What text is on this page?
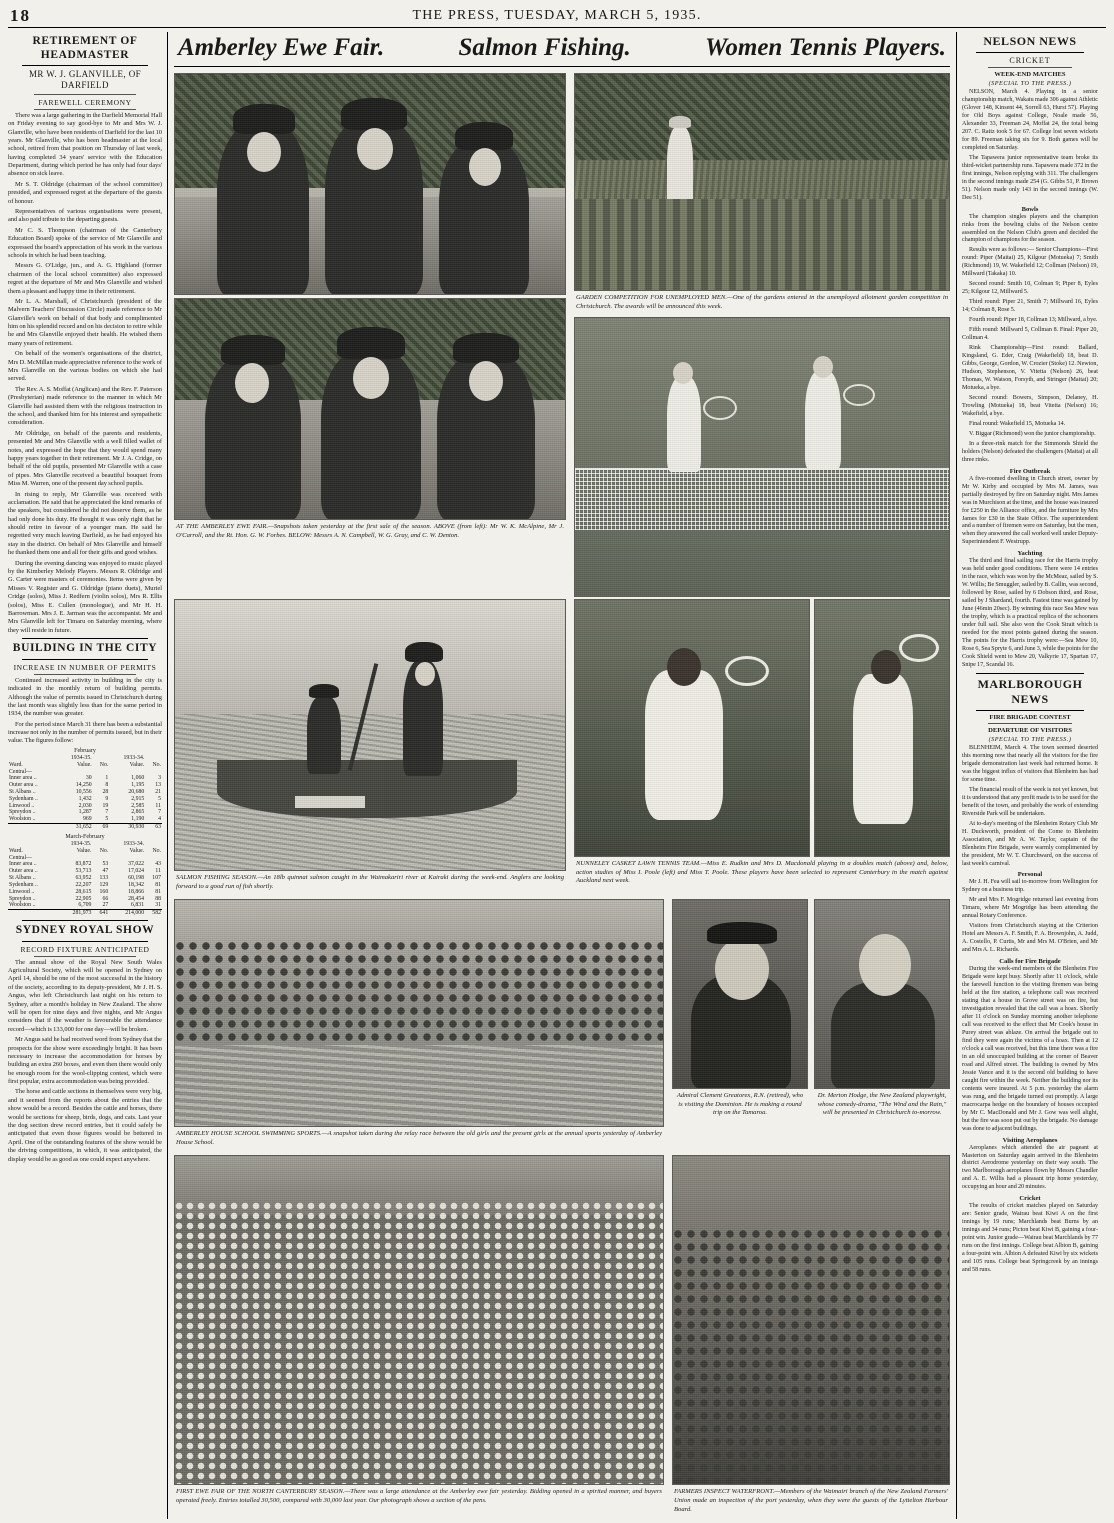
18	THE PRESS, TUESDAY, MARCH 5, 1935.
RETIREMENT OF HEADMASTER
MR W. J. GLANVILLE, OF DARFIELD
FAREWELL CEREMONY
There was a large gathering in the Darfield Memorial Hall on Friday evening to say good-bye to Mr and Mrs W. J. Glanville, who have been residents of Darfield for the last 10 years. Mr Glanville, who has been headmaster at the local school, retired from that position on Thursday of last week, having completed 34 years' service with the Education Department, during which period he has only had four days' absence on sick leave.
Mr S. T. Oldridge (chairman of the school committee) presided, and expressed regret at the departure of the guests of honour.
Representatives of various organisations were present, and also paid tribute to the departing guests.
Mr C. S. Thompson (chairman of the Canterbury Education Board) spoke of the service of Mr Glanville and expressed the board's appreciation of his work in the various schools in which he had been teaching.
Messrs G. O'Lidge, jun., and A. G. Highland (former chairmen of the local school committee) also expressed regret at the departure of Mr and Mrs Glanville and wished them a pleasant and happy time in their retirement.
Mr L. A. Marshall, of Christchurch (president of the Malvern Teachers' Discussion Circle) made reference to Mr Glanville's work on behalf of that body and complimented him on his splendid record and on his decision to retire while he and Mrs Glanville enjoyed their health. He wished them many years of retirement.
On behalf of the women's organisations of the district, Mrs D. McMillan made appreciative reference to the work of Mrs Glanville on the various bodies on which she had served.
The Rev. A. S. Moffat (Anglican) and the Rev. F. Paterson (Presbyterian) made reference to the manner in which Mr Glanville had assisted them with the religious instruction in the school, and thanked him for his interest and sympathetic consideration.
Mr Oldridge, on behalf of the parents and residents, presented Mr and Mrs Glanville with a well filled wallet of notes, and expressed the hope that they would spend many happy years together in their retirement. Mr J. A. Cridge, on behalf of the old pupils, presented Mr Glanville with a case of pipes. Mrs Glanville received a beautiful bouquet from Miss M. Warren, one of the present day school pupils.
In rising to reply, Mr Glanville was received with acclamation. He said that he appreciated the kind remarks of the speakers, but considered he did not deserve them, as he had only done his duty. He thought it was only right that he should retire in favour of a younger man. He said he regretted very much leaving Darfield, as he had enjoyed his stay in the district. On behalf of Mrs Glanville and himself he thanked them one and all for their gifts and good wishes.
During the evening dancing was enjoyed to music played by the Kimberley Melody Players. Messrs R. Oldridge and G. Carter were masters of ceremonies. Items were given by Misses V. Register and G. Oldridge (piano duets), Muriel Cridge (solos), Miss J. Redfern (violin solos), Mrs R. Ellis (solos), Miss E. Cullen (monologue), and Mr H. H. Barrowman. Mrs J. E. Jarman was the accompanist. Mr and Mrs Glanville left for Timaru on Saturday morning, where they will reside in future.
BUILDING IN THE CITY
INCREASE IN NUMBER OF PERMITS
Continued increased activity in building in the city is indicated in the monthly return of building permits. Although the value of permits issued in Christchurch during the last month was slightly less than for the same period in 1934, the number was greater.
For the period since March 31 there has been a substantial increase not only in the number of permits issued, but in their value. The figures follow:
February
	1934-35.		1933-34.	
Ward.	Value.	No.	Value.	No.
Central—				
Inner area ..	30	1	1,060	3
Outer area ..	14,250	8	1,195	13
St Albans ..	10,556	28	20,680	21
Sydenham ..	1,432	9	2,915	5
Linwood ..	2,030	19	2,585	11
Spreydon ..	1,287	7	2,865	7
Woolston ..	969	5	1,190	4
	31,652	69	30,930	63
March-February
	1934-35.		1933-34.	
Ward.	Value.	No.	Value.	No.
Central—				
Inner area ..	83,872	53	37,022	43
Outer area ..	53,713	47	17,024	11
St Albans ..	63,952	133	60,198	107
Sydenham ..	22,207	129	18,342	81
Linwood ..	28,615	160	18,866	81
Spreydon ..	22,905	66	28,454	88
Woolston ..	6,709	27	6,831	31
	281,973	641	214,000	582
SYDNEY ROYAL SHOW
RECORD FIXTURE ANTICIPATED
The annual show of the Royal New South Wales Agricultural Society, which will be opened in Sydney on April 14, should be one of the most successful in the history of the society, according to its deputy-president, Mr J. H. S. Angus, who left Christchurch last night on his return to Sydney, after a month's holiday in New Zealand. The show will be open for nine days and five nights, and Mr Angus considers that if the weather is favourable the attendance record—which is 133,000 for one day—will be broken.
Mr Angus said he had received word from Sydney that the prospects for the show were exceedingly bright. It has been necessary to increase the accommodation for horses by building an extra 260 boxes, and even then there would only be enough room for the wool-clipping contest, which were first popular, extra accommodation was being provided.
The horse and cattle sections in themselves were very big, and it seemed from the reports about the entries that the show would be a record. Besides the cattle and horses, there would be sections for sheep, birds, dogs, and cats. Last year the dog section drew record entries, but it could safely be anticipated that even those figures would be bettered in April. One of the outstanding features of the show would be the driving competitions, in which, it was anticipated, the display would be as good as one could expect anywhere.
Amberley Ewe Fair.	Salmon Fishing.	Women Tennis Players.
AT THE AMBERLEY EWE FAIR.—Snapshots taken yesterday at the first sale of the season. ABOVE (from left): Mr W. K. McAlpine, Mr J. O'Carroll, and the Rt. Hon. G. W. Forbes. BELOW: Messrs A. N. Campbell, W. G. Gray, and C. W. Denton.
GARDEN COMPETITION FOR UNEMPLOYED MEN.—One of the gardens entered in the unemployed allotment garden competition in Christchurch. The awards will be announced this week.
SALMON FISHING SEASON.—An 18lb quinnat salmon caught in the Waimakariri river at Kairaki during the week-end. Anglers are looking forward to a good run of fish shortly.
NUNNELEY CASKET LAWN TENNIS TEAM.—Miss E. Rudkin and Mrs D. Macdonald playing in a doubles match (above) and, below, action studies of Miss I. Poole (left) and Miss T. Poole. These players have been selected to represent Canterbury in the match against Auckland next week.
AMBERLEY HOUSE SCHOOL SWIMMING SPORTS.—A snapshot taken during the relay race between the old girls and the present girls at the annual sports yesterday of Amberley House School.
Admiral Clement Greatorex, R.N. (retired), who is visiting the Dominion. He is making a round trip on the Tamaroa.
Dr. Merton Hodge, the New Zealand playwright, whose comedy-drama, "The Wind and the Rain," will be presented in Christchurch to-morrow.
FIRST EWE FAIR OF THE NORTH CANTERBURY SEASON.—There was a large attendance at the Amberley ewe fair yesterday. Bidding opened in a spirited manner, and buyers operated freely. Entries totalled 30,500, compared with 30,000 last year. Our photograph shows a section of the pens.
FARMERS INSPECT WATERFRONT.—Members of the Waimairi branch of the New Zealand Farmers' Union made an inspection of the port yesterday, when they were the guests of the Lyttelton Harbour Board.
NELSON NEWS
CRICKET
WEEK-END MATCHES
(SPECIAL TO THE PRESS.)
NELSON, March 4. Playing in a senior championship match, Wakatu made 306 against Athletic (Glover 148, Kinsent 44, Sorrell 63, Hurst 57). Playing for Old Boys against College, Noale made 56, Alexander 33, Freeman 24, Moffat 24, the total being 207. C. Raitz took 5 for 67. College lost seven wickets for 89. Freeman taking six for 9. Both games will be completed on Saturday.
The Tapawera junior representative team broke its third-wicket partnership runs. Tapawera made 372 in the first innings, Nelson replying with 311. The challengers in the second innings made 254 (G. Gibbs 51, P. Brown 51). Nelson made only 143 in the second innings (W. Dee 51).
Bowls
The champion singles players and the champion rinks from the bowling clubs of the Nelson centre assembled on the Nelson Club's green and decided the champion of champions for the season.
Results were as follows:— Senior Champions—First round: Piper (Maitai) 25, Kilgour (Motueka) 7; Smith (Richmond) 19, W. Wakefield 12; Collman (Nelson) 19, Millward (Takaka) 10.
Second round: Smith 10, Colman 9; Piper 8, Eyles 25; Kilgour 12, Millward 5.
Third round: Piper 21, Smith 7; Millward 16, Eyles 14; Colman 8, Rose 5.
Fourth round: Piper 18, Collman 13; Millward, a bye.
Fifth round: Millward 5, Collman 8. Final: Piper 20, Collman 4.
Rink Championship—First round: Ballard, Kingsland, G. Eder, Craig (Wakefield) 18, beat D. Gibbs, George, Gordon, W. Crozier (Stoke) 12. Newton, Hudson, Stephenson, V. Vitetta (Nelson) 26, beat Thomas, W. Watson, Forsyth, and Stringer (Maitai) 20; Motueka, a bye.
Second round: Bowers, Simpson, Delaney, H. Trowling (Motueka) 18, beat Vitetta (Nelson) 16; Wakefield, a bye.
Final round: Wakefield 15, Motueka 14.
V. Biggar (Richmond) won the junior championship.
In a three-rink match for the Simmonds Shield the holders (Nelson) defeated the challengers (Maitai) at all three rinks.
Fire Outbreak
A five-roomed dwelling in Church street, owner by Mr W. Kirby and occupied by Mrs M. James, was partially destroyed by fire on Saturday night. Mrs James was in Murchison at the time, and the house was insured for £250 in the Alliance office, and the furniture by Mrs James for £30 in the State Office. The superintendent and a number of firemen were on Saturday, but the men, when they answered the call worked well under Deputy-Superintendent F. Westrupp.
Yachting
The third and final sailing race for the Harris trophy was held under good conditions. There were 14 entries in the race, which was won by the McMeaz, sailed by S. W. Willis; Be Smuggler, sailed by B. Callin, was second, followed by Rose, sailed by 6 Dobson third, and Rose, sailed by J Shardand, fourth. Fastest time was gained by June (46min 20sec). By winning this race Sea Mew was the trophy, which is a practical replica of the schooners under full sail. She also won the Cook Strait which is needed for the most points gained during the season. The points for the Harris trophy were:—Sea Mew 10, Rose 6, Sea Spryte 6, and June 3, while the points for the Cook Shield went to Mew 20, Valkyrie 17, Spartan 17, Snipe 17, Scandal 16.
MARLBOROUGH NEWS
FIRE BRIGADE CONTEST
DEPARTURE OF VISITORS
(SPECIAL TO THE PRESS.)
BLENHEIM, March 4. The town seemed deserted this morning now that nearly all the visitors for the fire brigade demonstration last week had returned home. It was the biggest influx of visitors that Blenheim has had for some time.
The financial result of the week is not yet known, but it is understood that any profit made is to be used for the benefit of the town, and probably the work of extending Riverside Park will be undertaken.
At to-day's meeting of the Blenheim Rotary Club Mr H. Duckworth, president of the Come to Blenheim Association, and Mr A. W. Taylor, captain of the Blenheim Fire Brigade, were warmly complimented by the president, Mr W. T. Churchward, on the success of last week's carnival.
Personal
Mr J. H. Fea will sail to-morrow from Wellington for Sydney on a business trip.
Mr and Mrs F. Mogridge returned last evening from Timaru, where Mr Mogridge has been attending the annual Rotary Conference.
Visitors from Christchurch staying at the Criterion Hotel are Messrs A. F. Smith, F. A. Brownjohn, A. Judd, A. Costello, P. Curtis, Mr and Mrs M. O'Brien, and Mr and Mrs A. L. Richards.
Calls for Fire Brigade
During the week-end members of the Blenheim Fire Brigade were kept busy. Shortly after 11 o'clock, while the farewell function to the visiting firemen was being held at the fire station, a telephone call was received stating that a house in Grove street was on fire, but investigation revealed that the call was a hoax. Shortly after 11 o'clock on Sunday morning another telephone call was received to the effect that Mr Cook's house in Purey street was ablaze. On arrival the brigade out to find they were again the victims of a hoax. Then at 12 o'clock a call was received, but this time there was a fire in an old unoccupied building at the corner of Beaver road and Alfred street. The building is owned by Mrs Jessie Vance and it is the second old building to have caught fire within the week. Neither the building nor its contents were insured. At 5 p.m. yesterday the alarm was rung, and the brigade turned out promptly. A large macrocarpa hedge on the boundary of houses occupied by Mr C. MacDonald and Mr J. Gow was well alight, but the fire was soon put out by the brigade. No damage was done to adjacent buildings.
Visiting Aeroplanes
Aeroplanes which attended the air pageant at Masterton on Saturday again arrived in the Blenheim district Aerodrome yesterday on their way south. The two Marlborough aeroplanes flown by Messrs Chandler and A. E. Willis had a pleasant trip home yesterday, occupying an hour and 20 minutes.
Cricket
The results of cricket matches played on Saturday are: Senior grade, Wairau beat Kiwi A on the first innings by 19 runs; Marchlands beat Burns by an innings and 34 runs; Picton beat Kiwi B, gaining a four-point win. Junior grade—Wairau beat Marchlands by 77 runs on the first innings. College beat Albion B, gaining a four-point win. Albion A defeated Kiwi by six wickets and 105 runs. College beat Springcreek by an innings and 58 runs.
